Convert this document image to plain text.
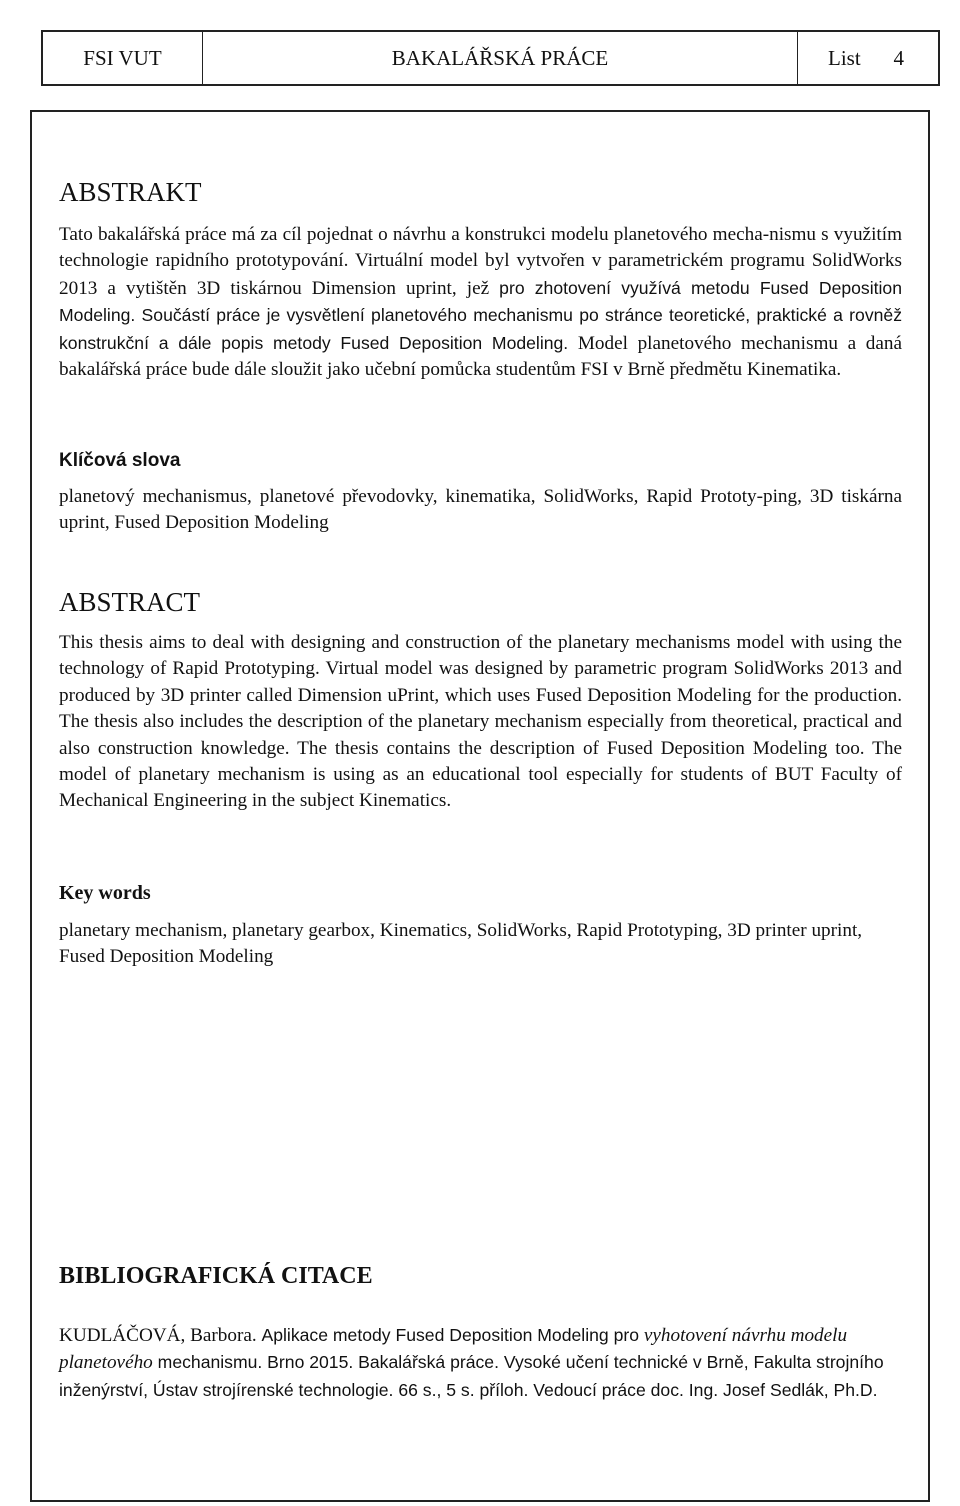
FSI VUT	BAKALÁŘSKÁ PRÁCE	List 4
ABSTRAKT

Tato bakalářská práce má za cíl pojednat o návrhu a konstrukci modelu planetového mecha-nismu s využitím technologie rapidního prototypování. Virtuální model byl vytvořen v parametrickém programu SolidWorks 2013 a vytištěn 3D tiskárnou Dimension uprint, jež pro zhotovení využívá metodu Fused Deposition Modeling. Součástí práce je vysvětlení planetového mechanismu po stránce teoretické, praktické a rovněž konstrukční a dále popis metody Fused Deposition Modeling. Model planetového mechanismu a daná bakalářská práce bude dále sloužit jako učební pomůcka studentům FSI v Brně předmětu Kinematika.

Klíčová slova

planetový mechanismus, planetové převodovky, kinematika, SolidWorks, Rapid Prototy-ping, 3D tiskárna uprint, Fused Deposition Modeling

ABSTRACT

This thesis aims to deal with designing and construction of the planetary mechanisms model with using the technology of Rapid Prototyping. Virtual model was designed by parametric program SolidWorks 2013 and produced by 3D printer called Dimension uPrint, which uses Fused Deposition Modeling for the production. The thesis also includes the description of the planetary mechanism especially from theoretical, practical and also construction knowledge. The thesis contains the description of Fused Deposition Modeling too. The model of planetary mechanism is using as an educational tool especially for students of BUT Faculty of Mechanical Engineering in the subject Kinematics.

Key words

planetary mechanism, planetary gearbox, Kinematics, SolidWorks, Rapid Prototyping, 3D printer uprint, Fused Deposition Modeling

BIBLIOGRAFICKÁ CITACE

KUDLÁČOVÁ, Barbora. Aplikace metody Fused Deposition Modeling pro vyhotovení návrhu modelu planetového mechanismu. Brno 2015. Bakalářská práce. Vysoké učení technické v Brně, Fakulta strojního inženýrství, Ústav strojírenské technologie. 66 s., 5 s. příloh. Vedoucí práce doc. Ing. Josef Sedlák, Ph.D.
